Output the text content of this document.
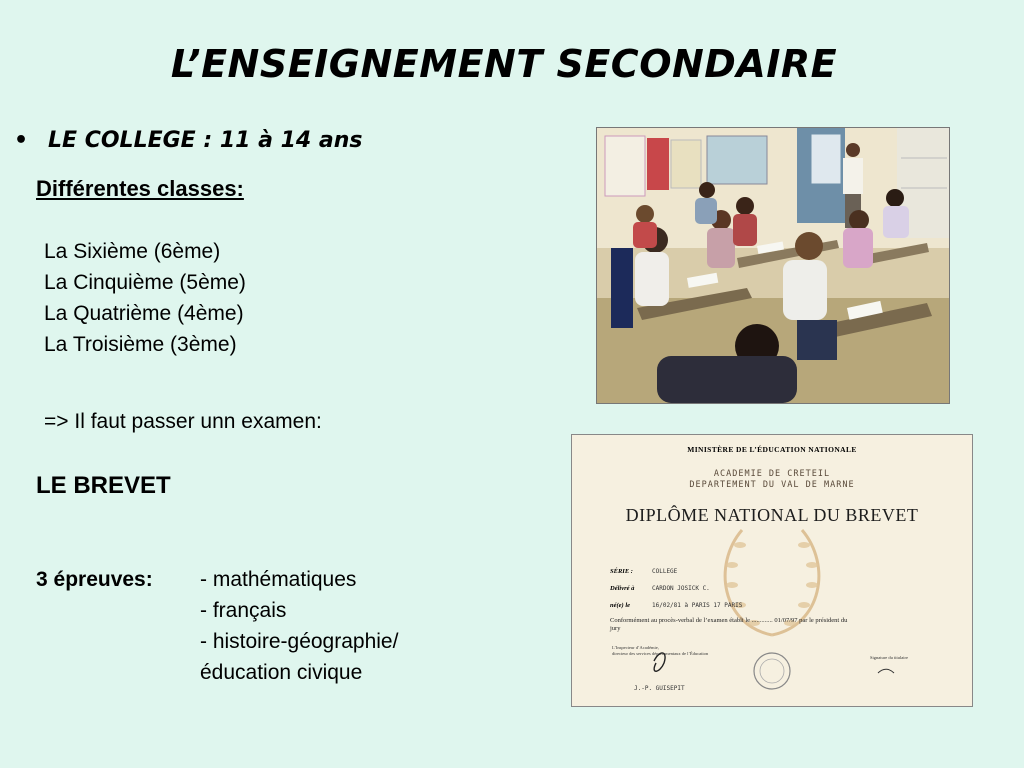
L’ENSEIGNEMENT SECONDAIRE
• LE COLLEGE : 11 à 14 ans
Différentes classes:
La Sixième (6ème)
La Cinquième (5ème)
La Quatrième (4ème)
La Troisième (3ème)
=> Il faut passer unn examen:
LE BREVET
3 épreuves: - mathématiques
- français
- histoire-géographie/
éducation civique
MINISTÈRE DE L’ÉDUCATION NATIONALE
ACADEMIE DE CRETEIL
DEPARTEMENT DU VAL DE MARNE
DIPLÔME NATIONAL DU BREVET
SÉRIE :
Délivré à
né(e) le
COLLEGE
CARDON JOSICK C.
16/02/81 à PARIS 17 PARIS
Conformément au procès-verbal de l’examen établi le ............. 01/07/97 par le président du jury
L’Inspecteur d’Académie,
directeur des services départementaux de l’Éducation
Signature du titulaire
J.-P. GUISEPIT
